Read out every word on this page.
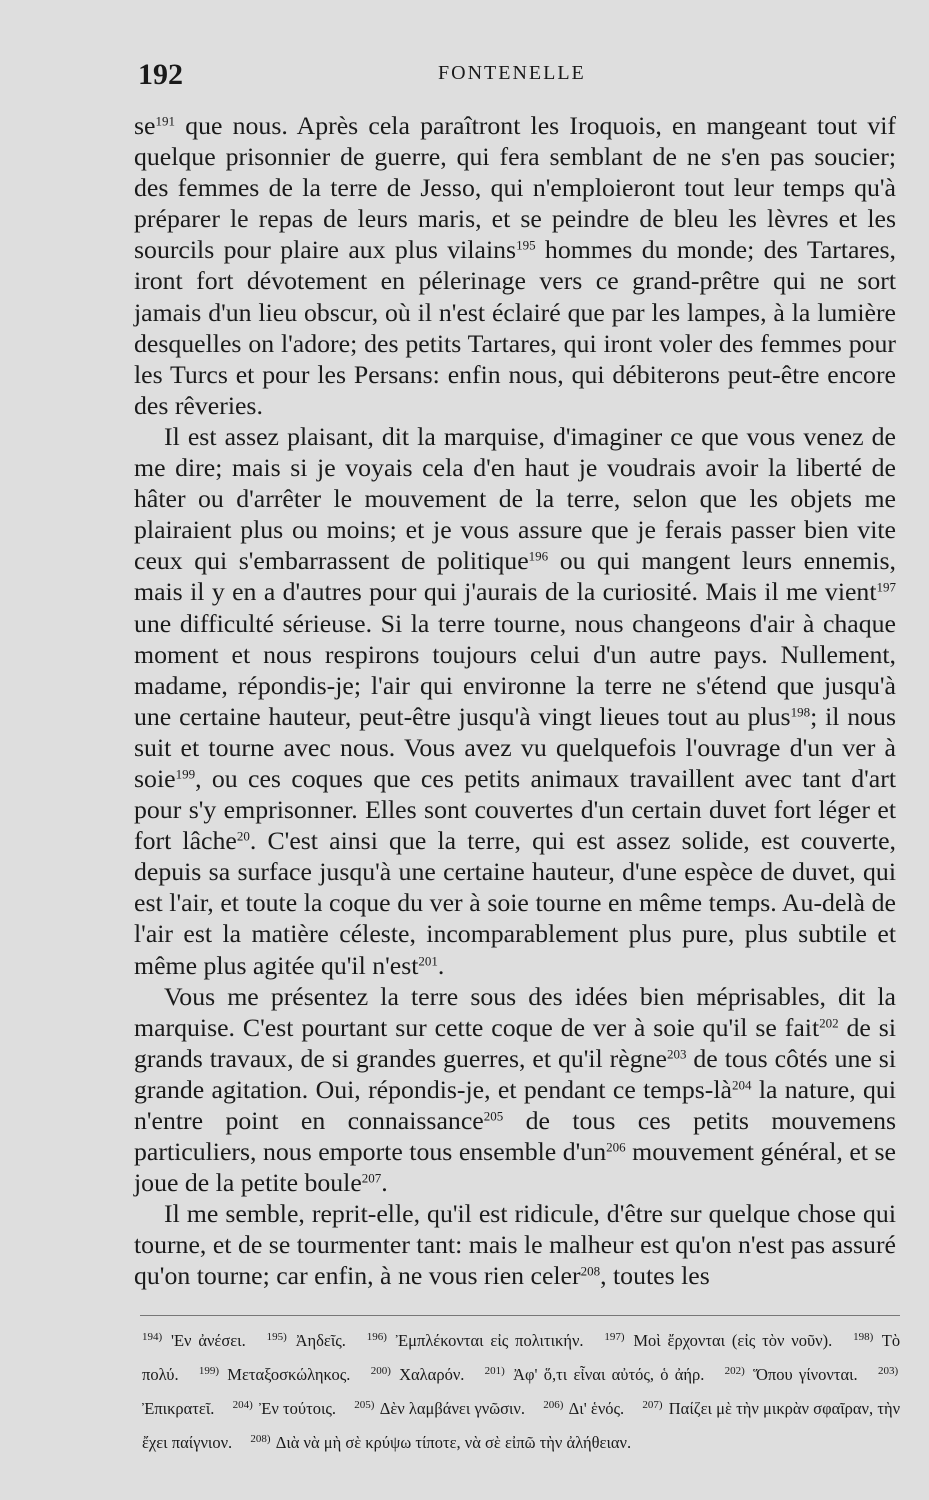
192	FONTENELLE

$se^{191}$ que nous. Après cela paraîtront les Iroquois, en mangeant tout vif quelque prisonnier de guerre, qui fera semblant de ne s'en pas soucier; des femmes de la terre de Jesso, qui n'emploieront tout leur temps qu'à préparer le repas de leurs maris, et se peindre de bleu les lèvres et les sourcils pour plaire aux plus vilains$^{195}$ hommes du monde; des Tartares, iront fort dévotement en pélerinage vers ce grand-prêtre qui ne sort jamais d'un lieu obscur, où il n'est éclairé que par les lampes, à la lumière desquelles on l'adore; des petits Tartares, qui iront voler des femmes pour les Turcs et pour les Persans: enfin nous, qui débiterons peut-être encore des rêveries.

Il est assez plaisant, dit la marquise, d'imaginer ce que vous venez de me dire; mais si je voyais cela d'en haut je voudrais avoir la liberté de hâter ou d'arrêter le mouvement de la terre, selon que les objets me plairaient plus ou moins; et je vous assure que je ferais passer bien vite ceux qui s'embarrassent de politique$^{196}$ ou qui mangent leurs ennemis, mais il y en a d'autres pour qui j'aurais de la curiosité. Mais il me vient$^{197}$ une difficulté sérieuse. Si la terre tourne, nous changeons d'air à chaque moment et nous respirons toujours celui d'un autre pays. Nullement, madame, répondis-je; l'air qui environne la terre ne s'étend que jusqu'à une certaine hauteur, peut-être jusqu'à vingt lieues tout au plus$^{198}$; il nous suit et tourne avec nous. Vous avez vu quelquefois l'ouvrage d'un ver à soie$^{199}$, ou ces coques que ces petits animaux travaillent avec tant d'art pour s'y emprisonner. Elles sont couvertes d'un certain duvet fort léger et fort lâche$^{20}$. C'est ainsi que la terre, qui est assez solide, est couverte, depuis sa surface jusqu'à une certaine hauteur, d'une espèce de duvet, qui est l'air, et toute la coque du ver à soie tourne en même temps. Au-delà de l'air est la matière céleste, incomparablement plus pure, plus subtile et même plus agitée qu'il n'est$^{201}$.

Vous me présentez la terre sous des idées bien méprisables, dit la marquise. C'est pourtant sur cette coque de ver à soie qu'il se fait$^{202}$ de si grands travaux, de si grandes guerres, et qu'il règne$^{203}$ de tous côtés une si grande agitation. Oui, répondis-je, et pendant ce temps-$là^{204}$ la nature, qui n'entre point en connaissance$^{205}$ de tous ces petits mouvemens particuliers, nous emporte tous ensemble $d'un^{206}$ mouvement général, et se joue de la petite boule$^{207}$.

Il me semble, reprit-elle, qu'il est ridicule, d'être sur quelque chose qui tourne, et de se tourmenter tant: mais le malheur est qu'on n'est pas assuré qu'on tourne; car enfin, à ne vous rien celer$^{208}$, toutes les

$^{194)}$ 'Εν ἀνέσει. $^{195)}$ Ἀηδεῖς. $^{196)}$ Ἐμπλέκονται εἰς πολιτικήν. $^{197)}$ Μοὶ ἔρχονται (εἰς τὸν νοῦν). $^{198)}$ Τὸ πολύ. $^{199)}$ Μεταξοσκώληκος. $^{200)}$ Χαλαρόν. $^{201)}$ Ἀφ' ὅ,τι εἶναι αὐτός, ὁ ἀήρ. $^{202)}$ Ὅπου γίνονται. $^{203)}$ Ἐπικρατεῖ. $^{204)}$ Ἐν τούτοις. $^{205)}$ Δὲν λαμβάνει γνῶσιν. $^{206)}$ Δι' ἑνός. $^{207)}$ Παίζει μὲ τὴν μικρὰν σφαῖραν, τὴν ἔχει παίγνιον. $^{208)}$ Διὰ νὰ μὴ σὲ κρύψω τίποτε, νὰ σὲ εἰπῶ τὴν ἀλήθειαν.
